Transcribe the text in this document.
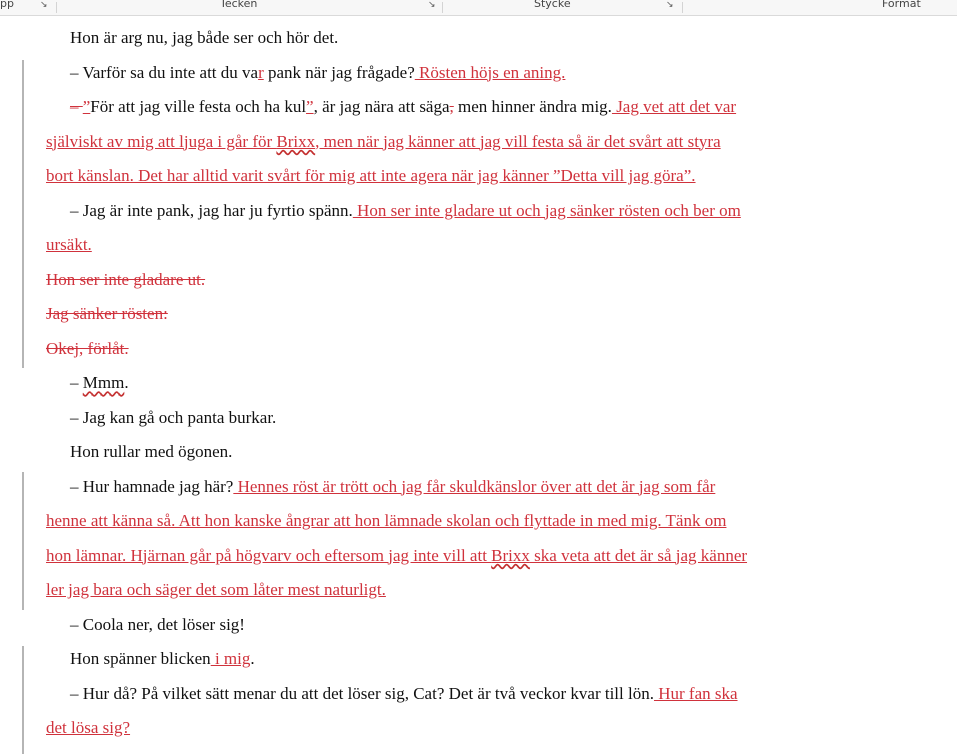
pp	↘	Tecken	↘	Stycke	↘	Format
Hon är arg nu, jag både ser och hör det.
– Varför sa du inte att du var pank när jag frågade? Rösten höjs en aning.
– ”För att jag ville festa och ha kul”, är jag nära att säga, men hinner ändra mig. Jag vet att det var
själviskt av mig att ljuga i går för Brixx, men när jag känner att jag vill festa så är det svårt att styra
bort känslan. Det har alltid varit svårt för mig att inte agera när jag känner ”Detta vill jag göra”.
– Jag är inte pank, jag har ju fyrtio spänn. Hon ser inte gladare ut och jag sänker rösten och ber om
ursäkt.
Hon ser inte gladare ut.
Jag sänker rösten:
Okej, förlåt.
– Mmm.
– Jag kan gå och panta burkar.
Hon rullar med ögonen.
– Hur hamnade jag här? Hennes röst är trött och jag får skuldkänslor över att det är jag som får
henne att känna så. Att hon kanske ångrar att hon lämnade skolan och flyttade in med mig. Tänk om
hon lämnar. Hjärnan går på högvarv och eftersom jag inte vill att Brixx ska veta att det är så jag känner
ler jag bara och säger det som låter mest naturligt.
– Coola ner, det löser sig!
Hon spänner blicken i mig.
– Hur då? På vilket sätt menar du att det löser sig, Cat? Det är två veckor kvar till lön. Hur fan ska
det lösa sig?
